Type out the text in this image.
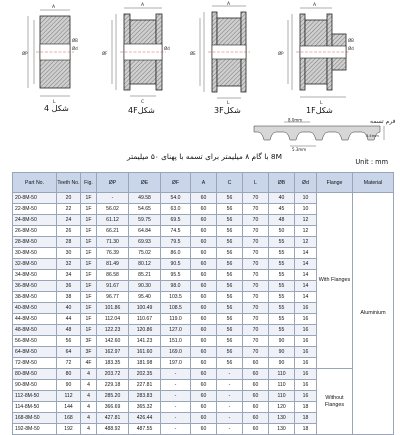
A
L
ØP
ØB
Ød
A
C
ØF
Ød
A
L
ØE
A
L
ØB
Ød
ØP
شکل 4	شکل4F	شکل3F	شکل1F
فرم تسمه
8.0mm
5.3mm
3.4mm
8M با گام ۸ میلیمتر برای تسمه با پهنای ۵۰ میلیمتر
Unit : mm
Part No.	Teeth No.	Fig.	ØP	ØE	ØF	A	C	L	ØB	Ød	Flange	Material
20-8M-50	20	1F	-	49.58	54.0	60	56	70	40	10	With Flanges	Aluminium
22-8M-50	22	1F	56.02	54.65	63.0	60	56	70	45	10		
24-8M-50	24	1F	61.12	59.75	69.5	60	56	70	48	12		
26-8M-50	26	1F	66.21	64.84	74.5	60	56	70	50	12		
28-8M-50	28	1F	71.30	69.93	79.5	60	56	70	55	12		
30-8M-50	30	1F	76.39	75.02	86.0	60	56	70	55	14		
32-8M-50	32	1F	81.49	80.12	90.5	60	56	70	55	14		
34-8M-50	34	1F	86.58	85.21	95.5	60	56	70	55	14		
36-8M-50	36	1F	91.67	90.30	98.0	60	56	70	55	14		
38-8M-50	38	1F	96.77	95.40	103.5	60	56	70	55	14		
40-8M-50	40	1F	101.86	100.49	108.5	60	56	70	55	16		
44-8M-50	44	1F	112.04	110.67	119.0	60	56	70	55	16		
48-8M-50	48	1F	122.23	120.86	127.0	60	56	70	55	16		
56-8M-50	56	3F	142.60	141.23	151.0	60	56	70	90	16		
64-8M-50	64	3F	162.97	161.60	169.0	60	56	70	90	16		
72-8M-50	72	4F	183.35	181.98	197.0	60	56	60	90	16		
80-8M-50	80	4	203.72	202.35	-	60	-	60	110	16	Without Flanges	
90-8M-50	90	4	229.18	227.81	-	60	-	60	110	16		
112-8M-50	112	4	285.20	283.83	-	60	-	60	110	16		
114-8M-50	144	4	366.69	365.32	-	60	-	60	120	18		
168-8M-50	168	4	427.81	426.44	-	60	-	60	130	18		
192-8M-50	192	4	488.92	487.55	-	60	-	60	130	18		
